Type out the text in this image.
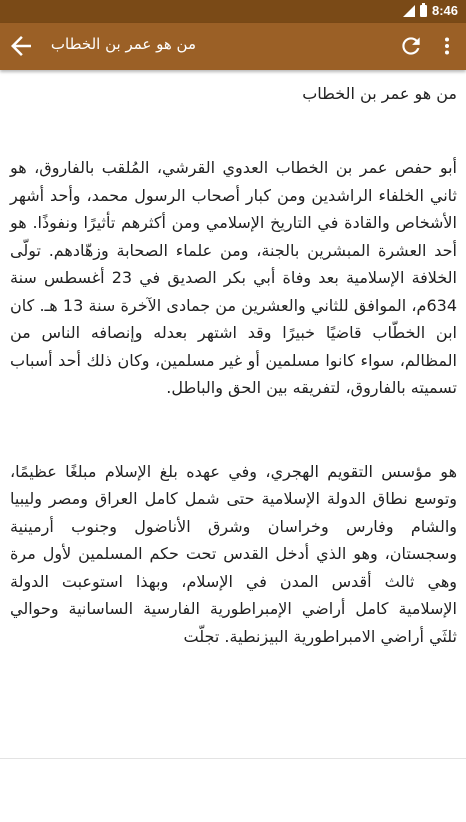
8:46
من هو عمر بن الخطاب
من هو عمر بن الخطاب

أبو حفص عمر بن الخطاب العدوي القرشي، المُلقب بالفاروق، هو ثاني الخلفاء الراشدين ومن كبار أصحاب الرسول محمد، وأحد أشهر الأشخاص والقادة في التاريخ الإسلامي ومن أكثرهم تأثيرًا ونفوذًا. هو أحد العشرة المبشرين بالجنة، ومن علماء الصحابة وزهّادهم. تولّى الخلافة الإسلامية بعد وفاة أبي بكر الصديق في 23 أغسطس سنة 634م، الموافق للثاني والعشرين من جمادى الآخرة سنة 13 هـ. كان ابن الخطّاب قاضيًا خبيرًا وقد اشتهر بعدله وإنصافه الناس من المظالم، سواء كانوا مسلمين أو غير مسلمين، وكان ذلك أحد أسباب تسميته بالفاروق، لتفريقه بين الحق والباطل.

هو مؤسس التقويم الهجري، وفي عهده بلغ الإسلام مبلغًا عظيمًا، وتوسع نطاق الدولة الإسلامية حتى شمل كامل العراق ومصر وليبيا والشام وفارس وخراسان وشرق الأناضول وجنوب أرمينية وسجستان، وهو الذي أدخل القدس تحت حكم المسلمين لأول مرة وهي ثالث أقدس المدن في الإسلام، وبهذا استوعبت الدولة الإسلامية كامل أراضي الإمبراطورية الفارسية الساسانية وحوالي ثلثَي أراضي الامبراطورية البيزنطية. تجلّت
